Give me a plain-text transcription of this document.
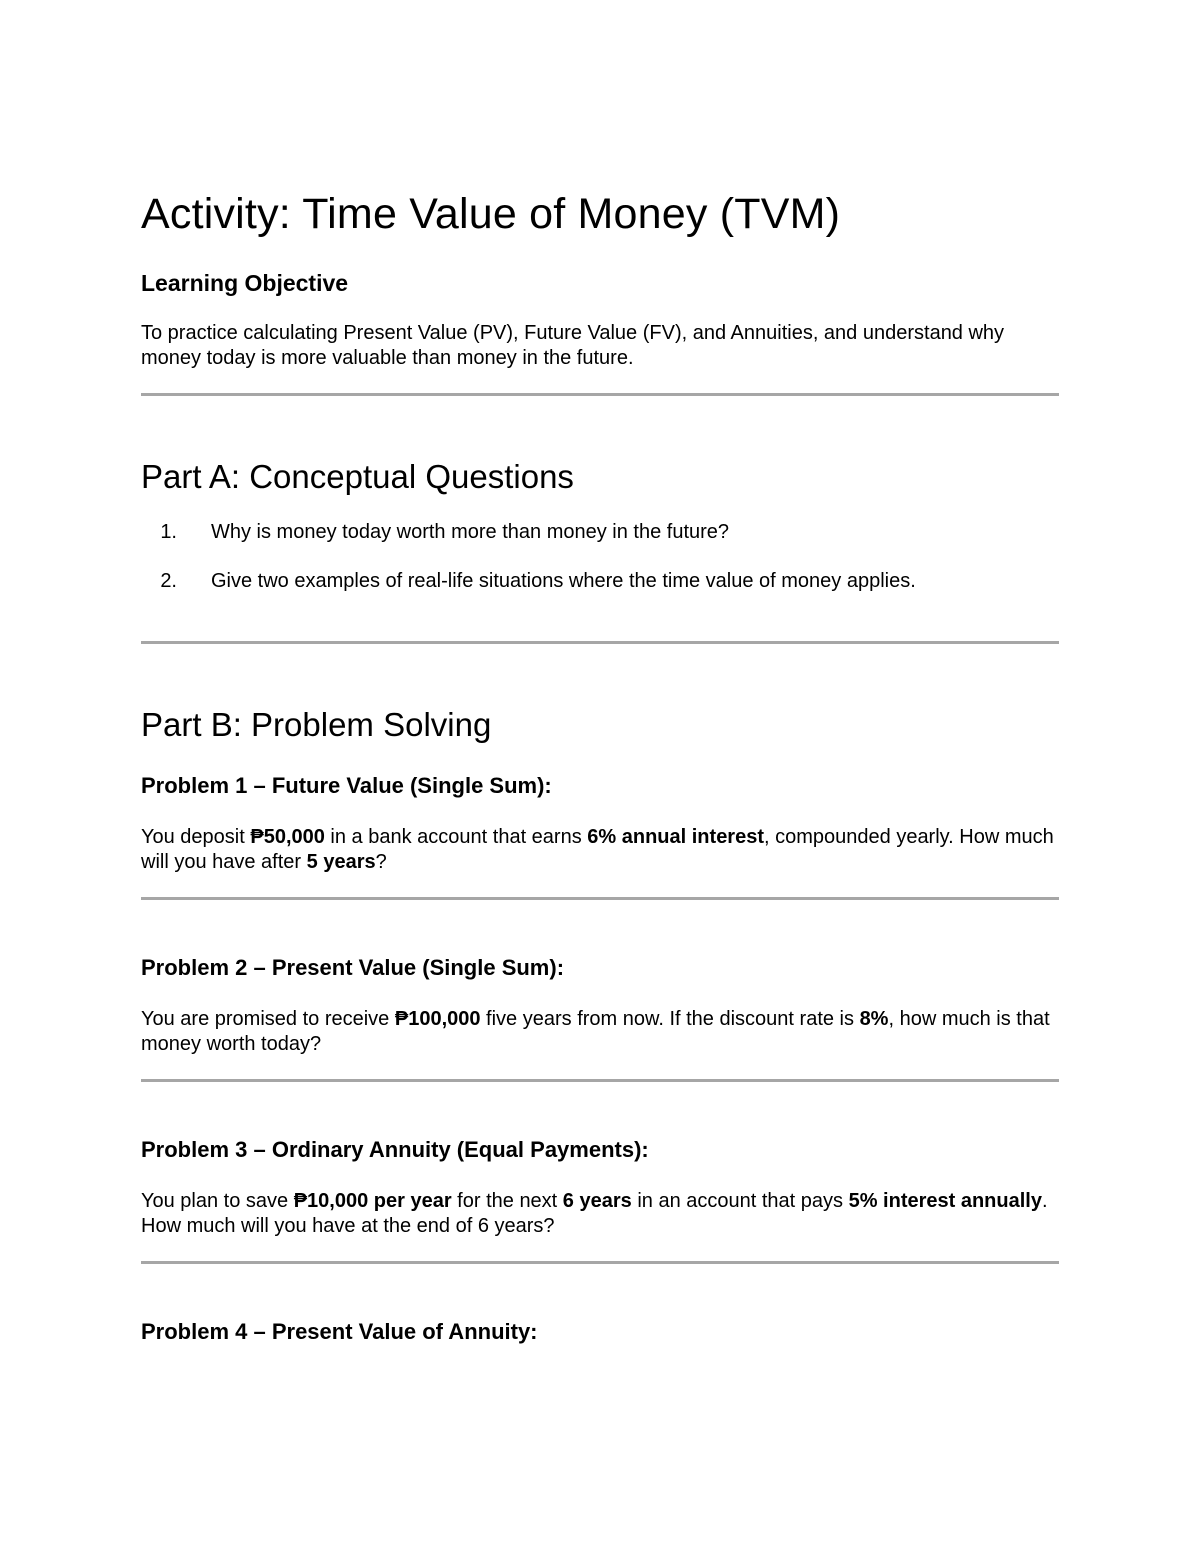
Activity: Time Value of Money (TVM)
Learning Objective

To practice calculating Present Value (PV), Future Value (FV), and Annuities, and understand why money today is more valuable than money in the future.

Part A: Conceptual Questions
1. Why is money today worth more than money in the future?
2. Give two examples of real-life situations where the time value of money applies.
Part B: Problem Solving
Problem 1 – Future Value (Single Sum):

You deposit ₱50,000 in a bank account that earns 6% annual interest, compounded yearly. How much will you have after 5 years?

Problem 2 – Present Value (Single Sum):

You are promised to receive ₱100,000 five years from now. If the discount rate is 8%, how much is that money worth today?

Problem 3 – Ordinary Annuity (Equal Payments):

You plan to save ₱10,000 per year for the next 6 years in an account that pays 5% interest annually. How much will you have at the end of 6 years?

Problem 4 – Present Value of Annuity:
